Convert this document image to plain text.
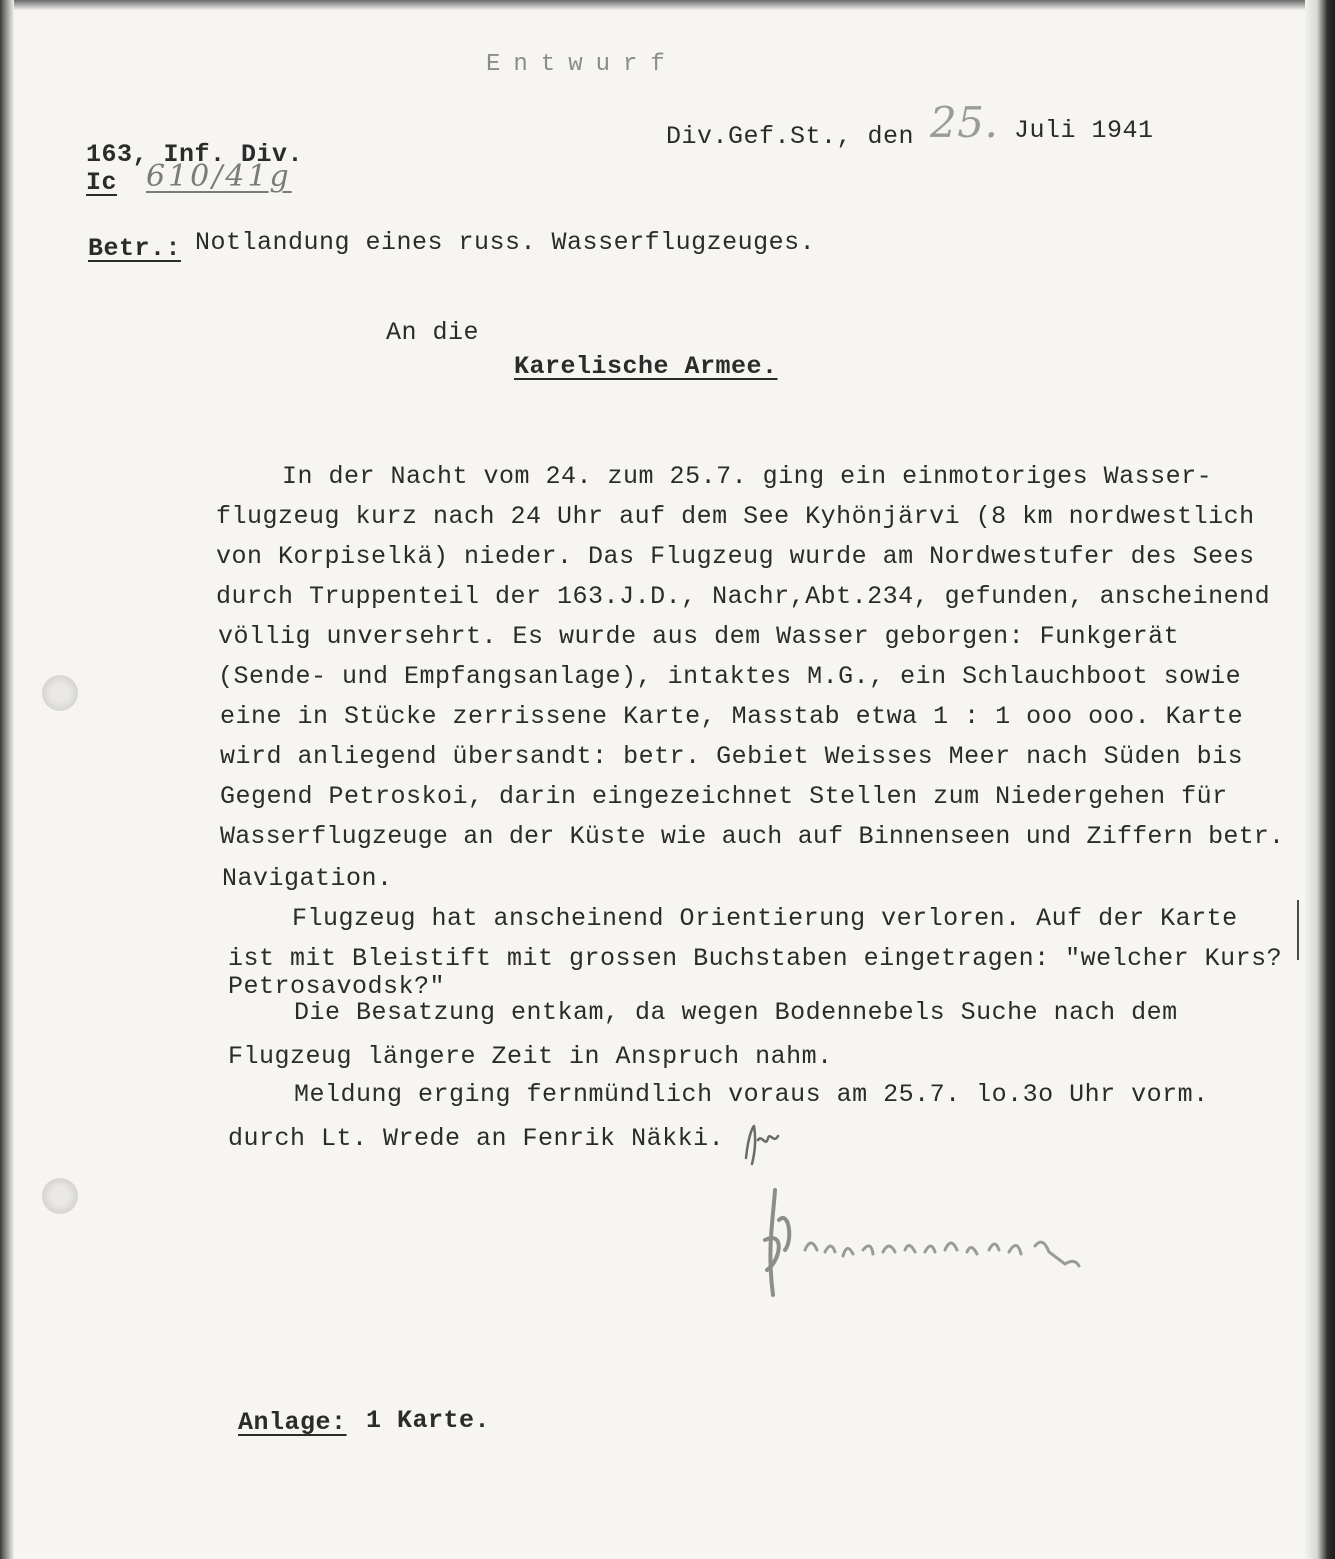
Entwurf
163, Inf. Div.
Ic 610/41g
Div.Gef.St., den 25. Juli 1941
Betr.: Notlandung eines russ. Wasserflugzeuges.
An die
Karelische Armee.
In der Nacht vom 24. zum 25.7. ging ein einmotoriges Wasser-
flugzeug kurz nach 24 Uhr auf dem See Kyhönjärvi (8 km nordwestlich
von Korpiselkä) nieder. Das Flugzeug wurde am Nordwestufer des Sees
durch Truppenteil der 163.J.D., Nachr,Abt.234, gefunden, anscheinend
völlig unversehrt. Es wurde aus dem Wasser geborgen: Funkgerät
(Sende- und Empfangsanlage), intaktes M.G., ein Schlauchboot sowie
eine in Stücke zerrissene Karte, Masstab etwa 1 : 1 ooo ooo. Karte
wird anliegend übersandt: betr. Gebiet Weisses Meer nach Süden bis
Gegend Petroskoi, darin eingezeichnet Stellen zum Niedergehen für
Wasserflugzeuge an der Küste wie auch auf Binnenseen und Ziffern betr.
Navigation.
Flugzeug hat anscheinend Orientierung verloren. Auf der Karte
ist mit Bleistift mit grossen Buchstaben eingetragen: "welcher Kurs?
Petrosavodsk?"
Die Besatzung entkam, da wegen Bodennebels Suche nach dem
Flugzeug längere Zeit in Anspruch nahm.
Meldung erging fernmündlich voraus am 25.7. lo.3o Uhr vorm.
durch Lt. Wrede an Fenrik Näkki.
Anlage: 1 Karte.
